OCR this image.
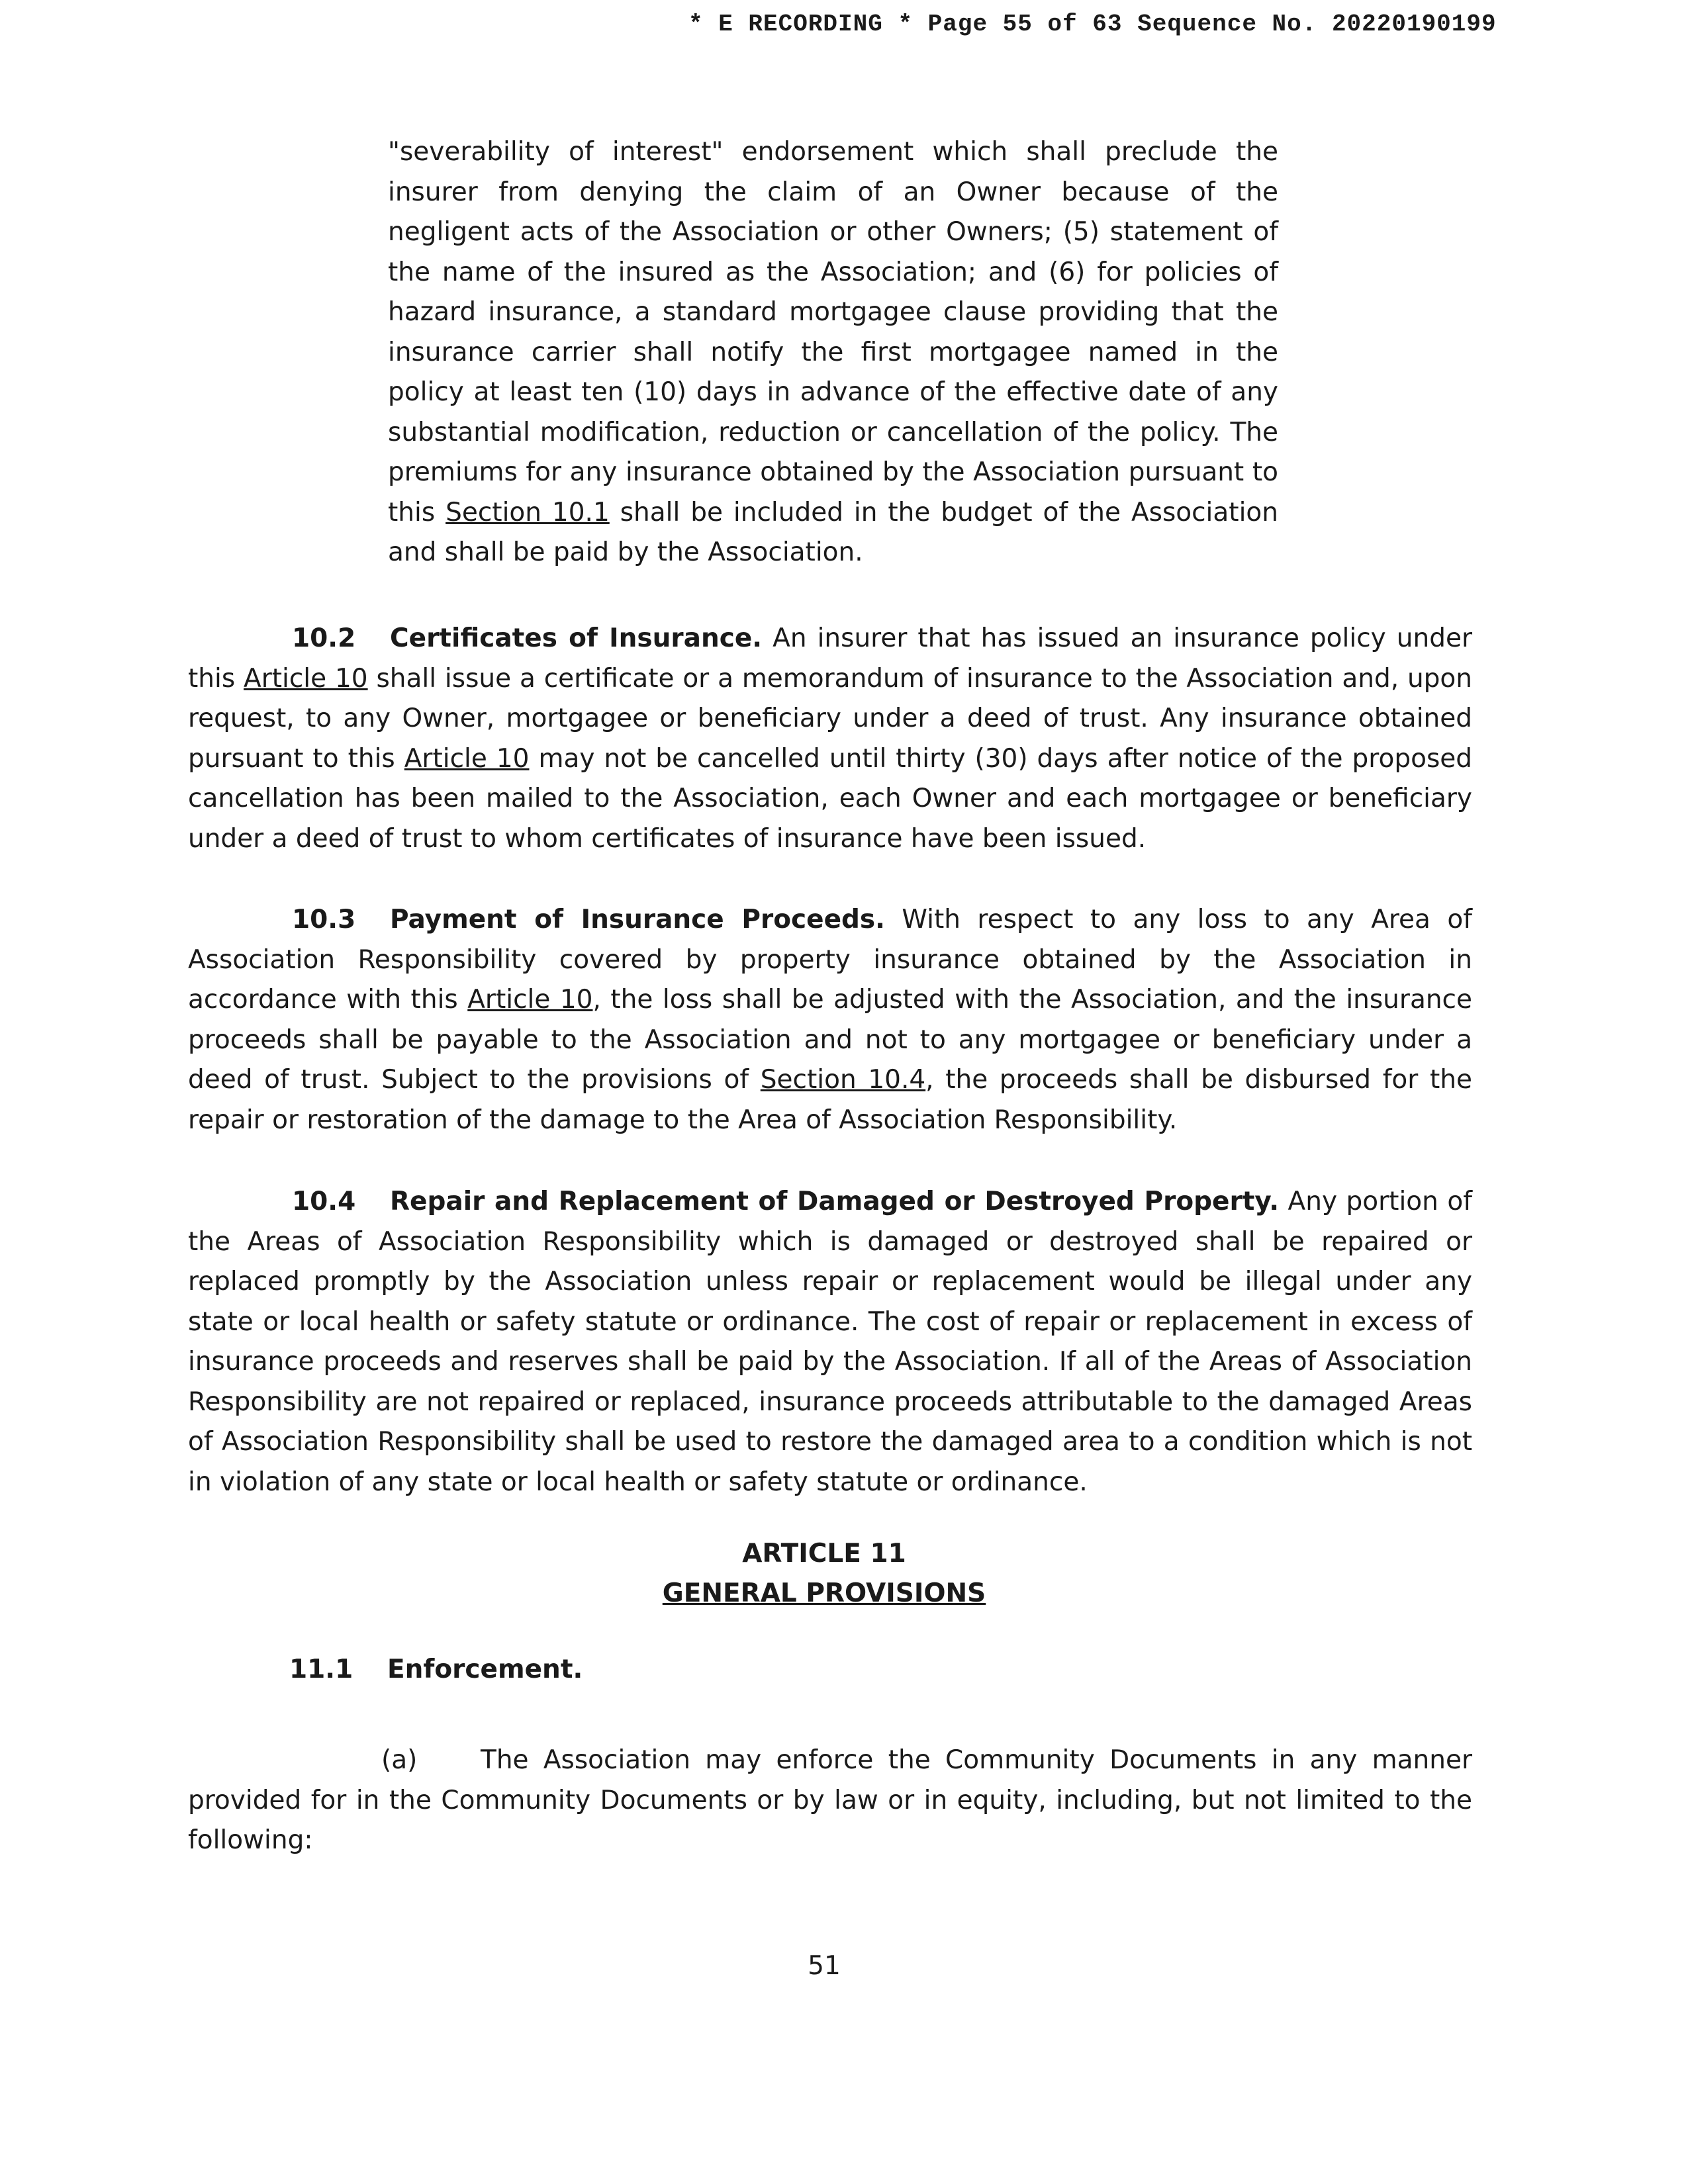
* E RECORDING * Page 55 of 63 Sequence No. 20220190199
"severability of interest" endorsement which shall preclude the insurer from denying the claim of an Owner because of the negligent acts of the Association or other Owners; (5) statement of the name of the insured as the Association; and (6) for policies of hazard insurance, a standard mortgagee clause providing that the insurance carrier shall notify the first mortgagee named in the policy at least ten (10) days in advance of the effective date of any substantial modification, reduction or cancellation of the policy. The premiums for any insurance obtained by the Association pursuant to this Section 10.1 shall be included in the budget of the Association and shall be paid by the Association.
10.2 Certificates of Insurance. An insurer that has issued an insurance policy under this Article 10 shall issue a certificate or a memorandum of insurance to the Association and, upon request, to any Owner, mortgagee or beneficiary under a deed of trust. Any insurance obtained pursuant to this Article 10 may not be cancelled until thirty (30) days after notice of the proposed cancellation has been mailed to the Association, each Owner and each mortgagee or beneficiary under a deed of trust to whom certificates of insurance have been issued.
10.3 Payment of Insurance Proceeds. With respect to any loss to any Area of Association Responsibility covered by property insurance obtained by the Association in accordance with this Article 10, the loss shall be adjusted with the Association, and the insurance proceeds shall be payable to the Association and not to any mortgagee or beneficiary under a deed of trust. Subject to the provisions of Section 10.4, the proceeds shall be disbursed for the repair or restoration of the damage to the Area of Association Responsibility.
10.4 Repair and Replacement of Damaged or Destroyed Property. Any portion of the Areas of Association Responsibility which is damaged or destroyed shall be repaired or replaced promptly by the Association unless repair or replacement would be illegal under any state or local health or safety statute or ordinance. The cost of repair or replacement in excess of insurance proceeds and reserves shall be paid by the Association. If all of the Areas of Association Responsibility are not repaired or replaced, insurance proceeds attributable to the damaged Areas of Association Responsibility shall be used to restore the damaged area to a condition which is not in violation of any state or local health or safety statute or ordinance.
ARTICLE 11
GENERAL PROVISIONS
11.1 Enforcement.
(a) The Association may enforce the Community Documents in any manner provided for in the Community Documents or by law or in equity, including, but not limited to the following:
51
